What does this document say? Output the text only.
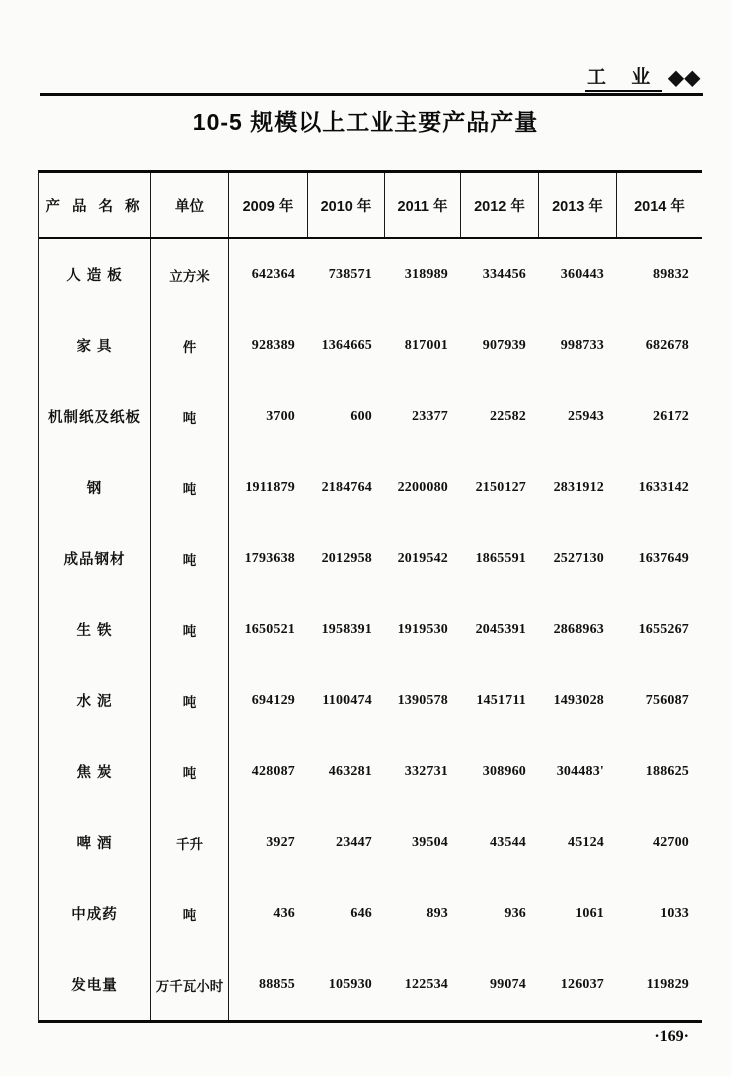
工 业 ◆◆
10-5 规模以上工业主要产品产量
产 品 名 称	单位	2009 年	2010 年	2011 年	2012 年	2013 年	2014 年
人 造 板	立方米	642364	738571	318989	334456	360443	89832
家 具	件	928389	1364665	817001	907939	998733	682678
机制纸及纸板	吨	3700	600	23377	22582	25943	26172
钢	吨	1911879	2184764	2200080	2150127	2831912	1633142
成品钢材	吨	1793638	2012958	2019542	1865591	2527130	1637649
生 铁	吨	1650521	1958391	1919530	2045391	2868963	1655267
水 泥	吨	694129	1100474	1390578	1451711	1493028	756087
焦 炭	吨	428087	463281	332731	308960	304483'	188625
啤 酒	千升	3927	23447	39504	43544	45124	42700
中成药	吨	436	646	893	936	1061	1033
发电量	万千瓦小时	88855	105930	122534	99074	126037	119829
·169·
